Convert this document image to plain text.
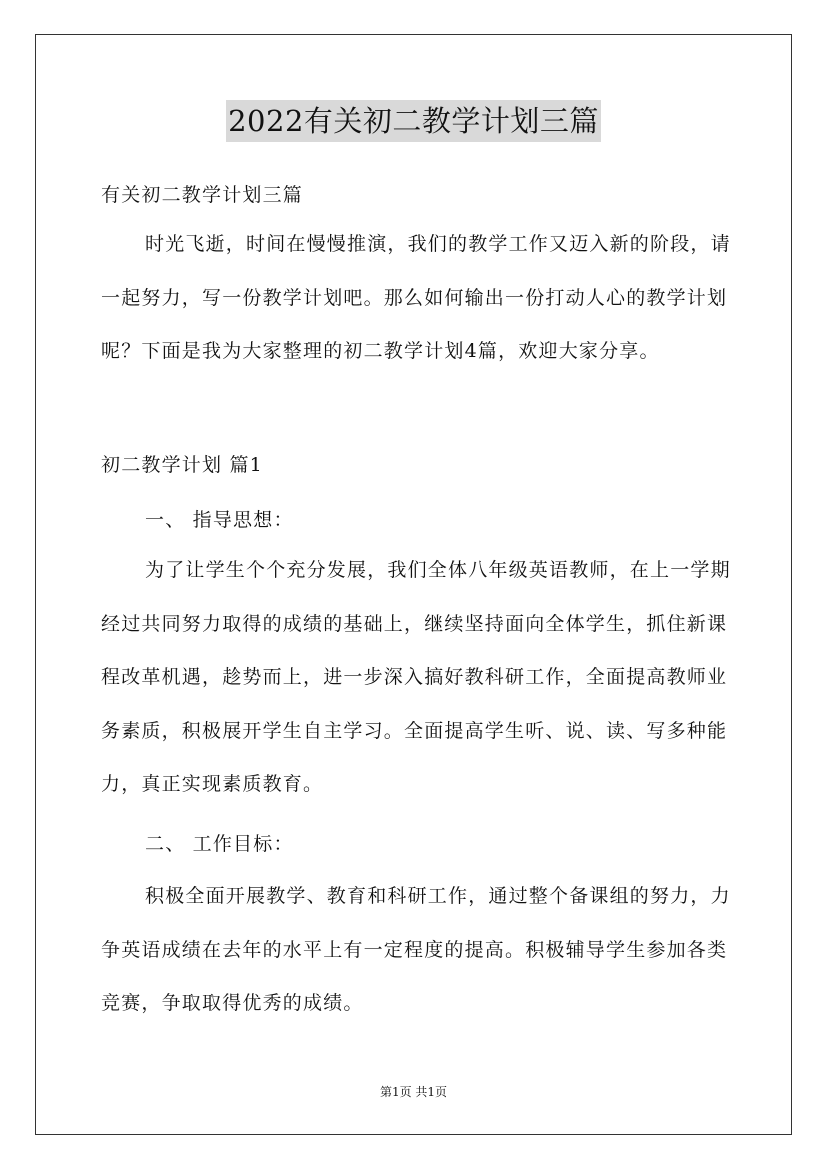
2022有关初二教学计划三篇
有关初二教学计划三篇

时光飞逝，时间在慢慢推演，我们的教学工作又迈入新的阶段，请一起努力，写一份教学计划吧。那么如何输出一份打动人心的教学计划呢？下面是我为大家整理的初二教学计划4篇，欢迎大家分享。

初二教学计划 篇1
一、 指导思想：

为了让学生个个充分发展，我们全体八年级英语教师，在上一学期经过共同努力取得的成绩的基础上，继续坚持面向全体学生，抓住新课程改革机遇，趁势而上，进一步深入搞好教科研工作，全面提高教师业务素质，积极展开学生自主学习。全面提高学生听、说、读、写多种能力，真正实现素质教育。

二、 工作目标：

积极全面开展教学、教育和科研工作，通过整个备课组的努力，力争英语成绩在去年的水平上有一定程度的提高。积极辅导学生参加各类竞赛，争取取得优秀的成绩。

第1页 共1页
